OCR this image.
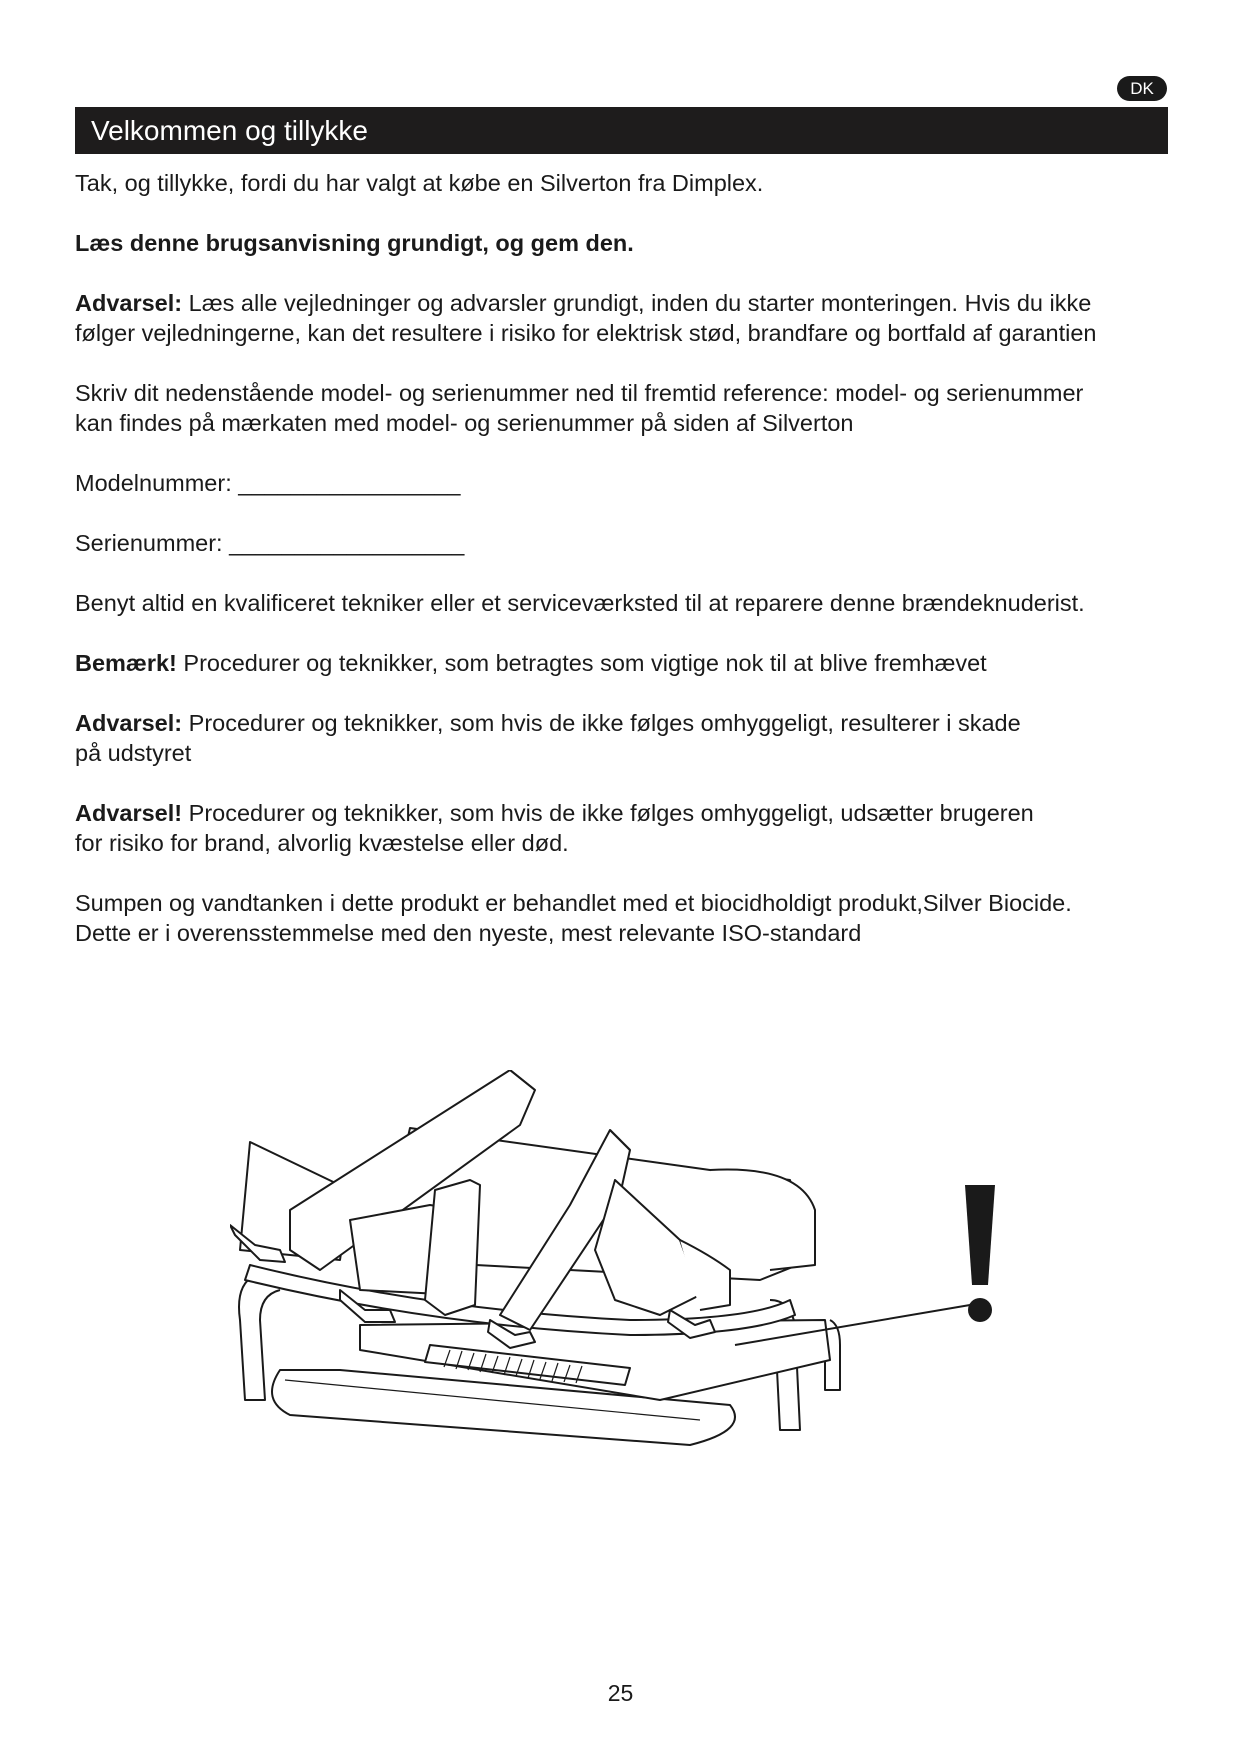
DK
Velkommen og tillykke

Tak, og tillykke, fordi du har valgt at købe en Silverton fra Dimplex.

Læs denne brugsanvisning grundigt, og gem den.

Advarsel: Læs alle vejledninger og advarsler grundigt, inden du starter monteringen. Hvis du ikke

følger vejledningerne, kan det resultere i risiko for elektrisk stød, brandfare og bortfald af garantien

Skriv dit nedenstående model- og serienummer ned til fremtid reference: model- og serienummer

kan findes på mærkaten med model- og serienummer på siden af Silverton

Modelnummer: _________________

Serienummer: __________________

Benyt altid en kvalificeret tekniker eller et serviceværksted til at reparere denne brændeknuderist.

Bemærk! Procedurer og teknikker, som betragtes som vigtige nok til at blive fremhævet

Advarsel: Procedurer og teknikker, som hvis de ikke følges omhyggeligt, resulterer i skade

på udstyret

Advarsel! Procedurer og teknikker, som hvis de ikke følges omhyggeligt, udsætter brugeren

for risiko for brand, alvorlig kvæstelse eller død.

Sumpen og vandtanken i dette produkt er behandlet med et biocidholdigt produkt,Silver Biocide.

Dette er i overensstemmelse med den nyeste, mest relevante ISO-standard

25
